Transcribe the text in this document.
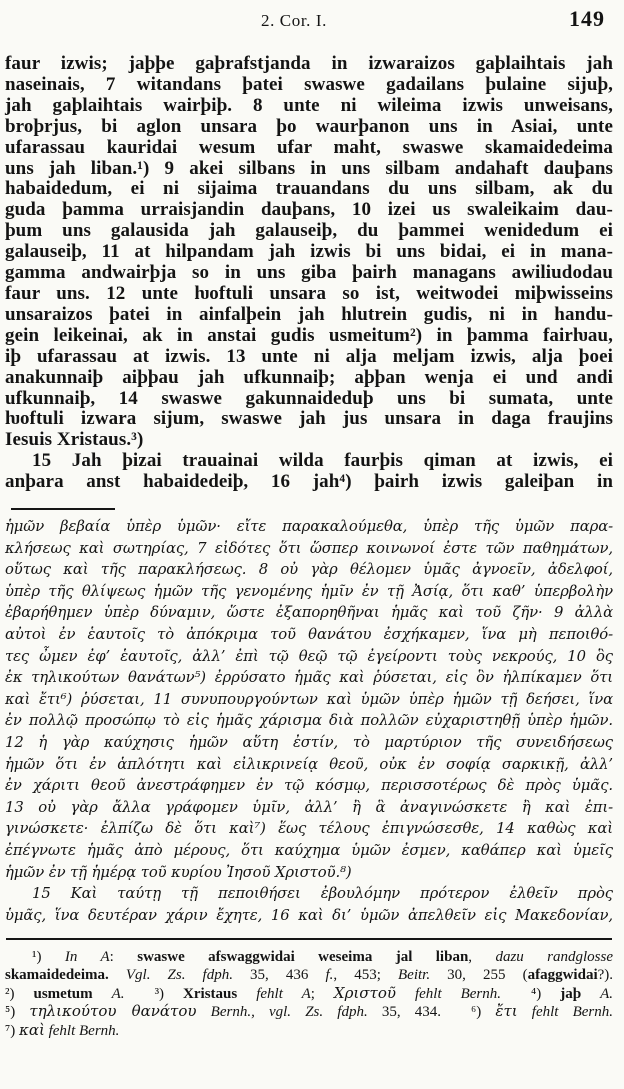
2. Cor. I.	149
faur izwis; jaþþe gaþrafstjanda in izwaraizos gaþlaihtais jah
naseinais, 7 witandans þatei swaswe gadailans þulaine sijuþ,
jah gaþlaihtais wairþiþ. 8 unte ni wileima izwis unweisans,
broþrjus, bi aglon unsara þo waurþanon uns in Asiai, unte
ufarassau kauridai wesum ufar maht, swaswe skamaidedeima
uns jah liban.¹) 9 akei silbans in uns silbam andahaft dauþans
habaidedum, ei ni sijaima trauandans du uns silbam, ak du
guda þamma urraisjandin dauþans, 10 izei us swaleikaim dau-
þum uns galausida jah galauseiþ, du þammei wenidedum ei
galauseiþ, 11 at hilpandam jah izwis bi uns bidai, ei in mana-
gamma andwairþja so in uns giba þairh managans awiliudodau
faur uns. 12 unte ƕoftuli unsara so ist, weitwodei miþwisseins
unsaraizos þatei in ainfalþein jah hlutrein gudis, ni in handu-
gein leikeinai, ak in anstai gudis usmeitum²) in þamma fairƕau,
iþ ufarassau at izwis. 13 unte ni alja meljam izwis, alja þoei
anakunnaiþ aiþþau jah ufkunnaiþ; aþþan wenja ei und andi
ufkunnaiþ, 14 swaswe gakunnaideduþ uns bi sumata, unte
ƕoftuli izwara sijum, swaswe jah jus unsara in daga fraujins
Iesuis Xristaus.³)
15 Jah þizai trauainai wilda faurþis qiman at izwis, ei
anþara anst habaidedeiþ, 16 jah⁴) þairh izwis galeiþan in
ἡμῶν βεβαία ὑπὲρ ὑμῶν· εἴτε παρακαλούμεθα, ὑπὲρ τῆς ὑμῶν παρα-
κλήσεως καὶ σωτηρίας, 7 εἰδότες ὅτι ὥσπερ κοινωνοί ἐστε τῶν παθημάτων,
οὕτως καὶ τῆς παρακλήσεως. 8 οὐ γὰρ θέλομεν ὑμᾶς ἀγνοεῖν, ἀδελφοί,
ὑπὲρ τῆς θλίψεως ἡμῶν τῆς γενομένης ἡμῖν ἐν τῇ Ἀσίᾳ, ὅτι καθ’ ὑπερβολὴν
ἐβαρήθημεν ὑπὲρ δύναμιν, ὥστε ἐξαπορηθῆναι ἡμᾶς καὶ τοῦ ζῆν· 9 ἀλλὰ
αὐτοὶ ἐν ἑαυτοῖς τὸ ἀπόκριμα τοῦ θανάτου ἐσχήκαμεν, ἵνα μὴ πεποιθό-
τες ὦμεν ἐφ’ ἑαυτοῖς, ἀλλ’ ἐπὶ τῷ θεῷ τῷ ἐγείροντι τοὺς νεκρούς, 10 ὃς
ἐκ τηλικούτων θανάτων⁵) ἐρρύσατο ἡμᾶς καὶ ῥύσεται, εἰς ὃν ἠλπίκαμεν ὅτι
καὶ ἔτι⁶) ῥύσεται, 11 συνυπουργούντων καὶ ὑμῶν ὑπὲρ ἡμῶν τῇ δεήσει, ἵνα
ἐν πολλῷ προσώπῳ τὸ εἰς ἡμᾶς χάρισμα διὰ πολλῶν εὐχαριστηθῇ ὑπὲρ ἡμῶν.
12 ἡ γὰρ καύχησις ἡμῶν αὕτη ἐστίν, τὸ μαρτύριον τῆς συνειδήσεως
ἡμῶν ὅτι ἐν ἁπλότητι καὶ εἰλικρινείᾳ θεοῦ, οὐκ ἐν σοφίᾳ σαρκικῇ, ἀλλ’
ἐν χάριτι θεοῦ ἀνεστράφημεν ἐν τῷ κόσμῳ, περισσοτέρως δὲ πρὸς ὑμᾶς.
13 οὐ γὰρ ἄλλα γράφομεν ὑμῖν, ἀλλ’ ἢ ἃ ἀναγινώσκετε ἢ καὶ ἐπι-
γινώσκετε· ἐλπίζω δὲ ὅτι καὶ⁷) ἕως τέλους ἐπιγνώσεσθε, 14 καθὼς καὶ
ἐπέγνωτε ἡμᾶς ἀπὸ μέρους, ὅτι καύχημα ὑμῶν ἐσμεν, καθάπερ καὶ ὑμεῖς
ἡμῶν ἐν τῇ ἡμέρᾳ τοῦ κυρίου Ἰησοῦ Χριστοῦ.⁸)
15 Καὶ ταύτῃ τῇ πεποιθήσει ἐβουλόμην πρότερον ἐλθεῖν πρὸς
ὑμᾶς, ἵνα δευτέραν χάριν ἔχητε, 16 καὶ δι’ ὑμῶν ἀπελθεῖν εἰς Μακεδονίαν,
¹) In A: swaswe afswaggwidai weseima jal liban, dazu randglosse
skamaidedeima. Vgl. Zs. fdph. 35, 436 f., 453; Beitr. 30, 255 (afaggwidai?).
²) usmetum A.  ³) Xristaus fehlt A; Χριστοῦ fehlt Bernh.  ⁴) jaþ A.
⁵) τηλικούτου θανάτου Bernh., vgl. Zs. fdph. 35, 434.  ⁶) ἔτι fehlt Bernh.
⁷) καὶ fehlt Bernh.
